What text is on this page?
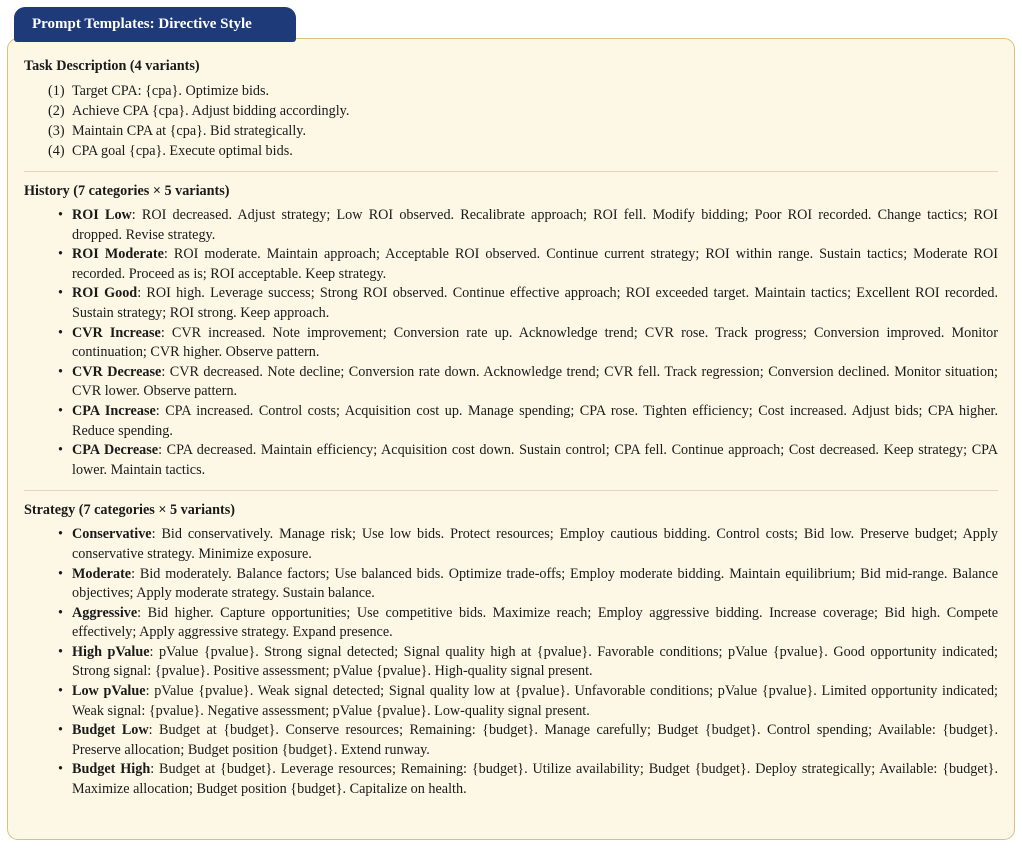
Prompt Templates: Directive Style

Task Description (4 variants)

(1) Target CPA: {cpa}. Optimize bids.
(2) Achieve CPA {cpa}. Adjust bidding accordingly.
(3) Maintain CPA at {cpa}. Bid strategically.
(4) CPA goal {cpa}. Execute optimal bids.

History (7 categories × 5 variants)

• ROI Low: ROI decreased. Adjust strategy; Low ROI observed. Recalibrate approach; ROI fell. Modify bidding; Poor ROI recorded. Change tactics; ROI dropped. Revise strategy.
• ROI Moderate: ROI moderate. Maintain approach; Acceptable ROI observed. Continue current strategy; ROI within range. Sustain tactics; Moderate ROI recorded. Proceed as is; ROI acceptable. Keep strategy.
• ROI Good: ROI high. Leverage success; Strong ROI observed. Continue effective approach; ROI exceeded target. Maintain tactics; Excellent ROI recorded. Sustain strategy; ROI strong. Keep approach.
• CVR Increase: CVR increased. Note improvement; Conversion rate up. Acknowledge trend; CVR rose. Track progress; Conversion improved. Monitor continuation; CVR higher. Observe pattern.
• CVR Decrease: CVR decreased. Note decline; Conversion rate down. Acknowledge trend; CVR fell. Track regression; Conversion declined. Monitor situation; CVR lower. Observe pattern.
• CPA Increase: CPA increased. Control costs; Acquisition cost up. Manage spending; CPA rose. Tighten efficiency; Cost increased. Adjust bids; CPA higher. Reduce spending.
• CPA Decrease: CPA decreased. Maintain efficiency; Acquisition cost down. Sustain control; CPA fell. Continue approach; Cost decreased. Keep strategy; CPA lower. Maintain tactics.

Strategy (7 categories × 5 variants)

• Conservative: Bid conservatively. Manage risk; Use low bids. Protect resources; Employ cautious bidding. Control costs; Bid low. Preserve budget; Apply conservative strategy. Minimize exposure.
• Moderate: Bid moderately. Balance factors; Use balanced bids. Optimize trade-offs; Employ moderate bidding. Maintain equilibrium; Bid mid-range. Balance objectives; Apply moderate strategy. Sustain balance.
• Aggressive: Bid higher. Capture opportunities; Use competitive bids. Maximize reach; Employ aggressive bidding. Increase coverage; Bid high. Compete effectively; Apply aggressive strategy. Expand presence.
• High pValue: pValue {pvalue}. Strong signal detected; Signal quality high at {pvalue}. Favorable conditions; pValue {pvalue}. Good opportunity indicated; Strong signal: {pvalue}. Positive assessment; pValue {pvalue}. High-quality signal present.
• Low pValue: pValue {pvalue}. Weak signal detected; Signal quality low at {pvalue}. Unfavorable conditions; pValue {pvalue}. Limited opportunity indicated; Weak signal: {pvalue}. Negative assessment; pValue {pvalue}. Low-quality signal present.
• Budget Low: Budget at {budget}. Conserve resources; Remaining: {budget}. Manage carefully; Budget {budget}. Control spending; Available: {budget}. Preserve allocation; Budget position {budget}. Extend runway.
• Budget High: Budget at {budget}. Leverage resources; Remaining: {budget}. Utilize availability; Budget {budget}. Deploy strategically; Available: {budget}. Maximize allocation; Budget position {budget}. Capitalize on health.
